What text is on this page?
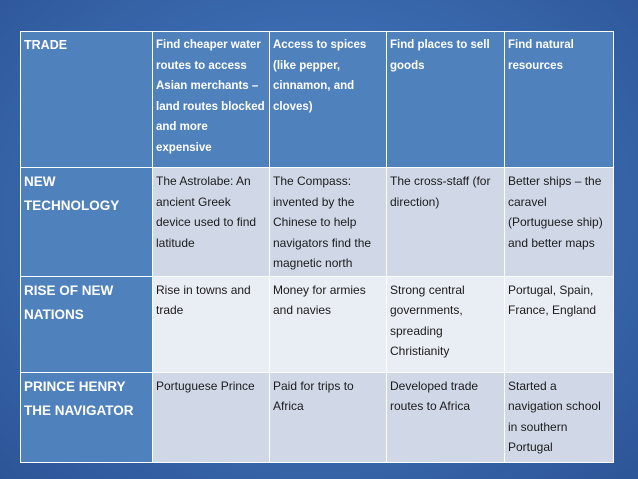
TRADE	Find cheaper water routes to access Asian merchants – land routes blocked and more expensive	Access to spices (like pepper, cinnamon, and cloves)	Find places to sell goods	Find natural resources
NEW TECHNOLOGY	The Astrolabe: An ancient Greek device used to find latitude	The Compass: invented by the Chinese to help navigators find the magnetic north	The cross-staff (for direction)	Better ships – the caravel (Portuguese ship) and better maps
RISE OF NEW NATIONS	Rise in towns and trade	Money for armies and navies	Strong central governments, spreading Christianity	Portugal, Spain, France, England
PRINCE HENRY THE NAVIGATOR	Portuguese Prince	Paid for trips to Africa	Developed trade routes to Africa	Started a navigation school in southern Portugal
